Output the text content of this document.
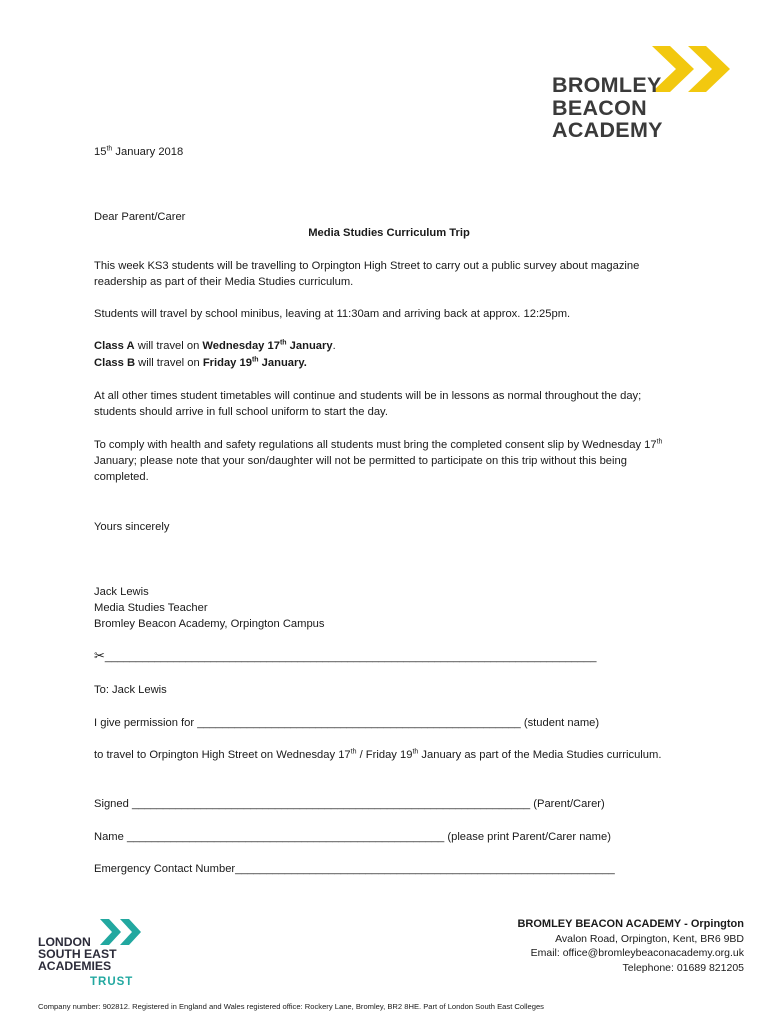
BROMLEY
BEACON
ACADEMY
15th January 2018
Dear Parent/Carer
Media Studies Curriculum Trip
This week KS3 students will be travelling to Orpington High Street to carry out a public survey about magazine readership as part of their Media Studies curriculum.
Students will travel by school minibus, leaving at 11:30am and arriving back at approx. 12:25pm.
Class A will travel on Wednesday 17th January.
Class B will travel on Friday 19th January.
At all other times student timetables will continue and students will be in lessons as normal throughout the day; students should arrive in full school uniform to start the day.
To comply with health and safety regulations all students must bring the completed consent slip by Wednesday 17th January; please note that your son/daughter will not be permitted to participate on this trip without this being completed.
Yours sincerely
Jack Lewis
Media Studies Teacher
Bromley Beacon Academy, Orpington Campus
✂_______________________________________________________________________________
To: Jack Lewis
I give permission for ____________________________________________________ (student name)
to travel to Orpington High Street on Wednesday 17th / Friday 19th January as part of the Media Studies curriculum.
Signed ________________________________________________________________ (Parent/Carer)
Name ___________________________________________________ (please print Parent/Carer name)
Emergency Contact Number_____________________________________________________________
LONDON
SOUTH EAST
ACADEMIES
TRUST
BROMLEY BEACON ACADEMY - Orpington
Avalon Road, Orpington, Kent, BR6 9BD
Email: office@bromleybeaconacademy.org.uk
Telephone: 01689 821205
Company number: 902812. Registered in England and Wales registered office: Rockery Lane, Bromley, BR2 8HE. Part of London South East Colleges
